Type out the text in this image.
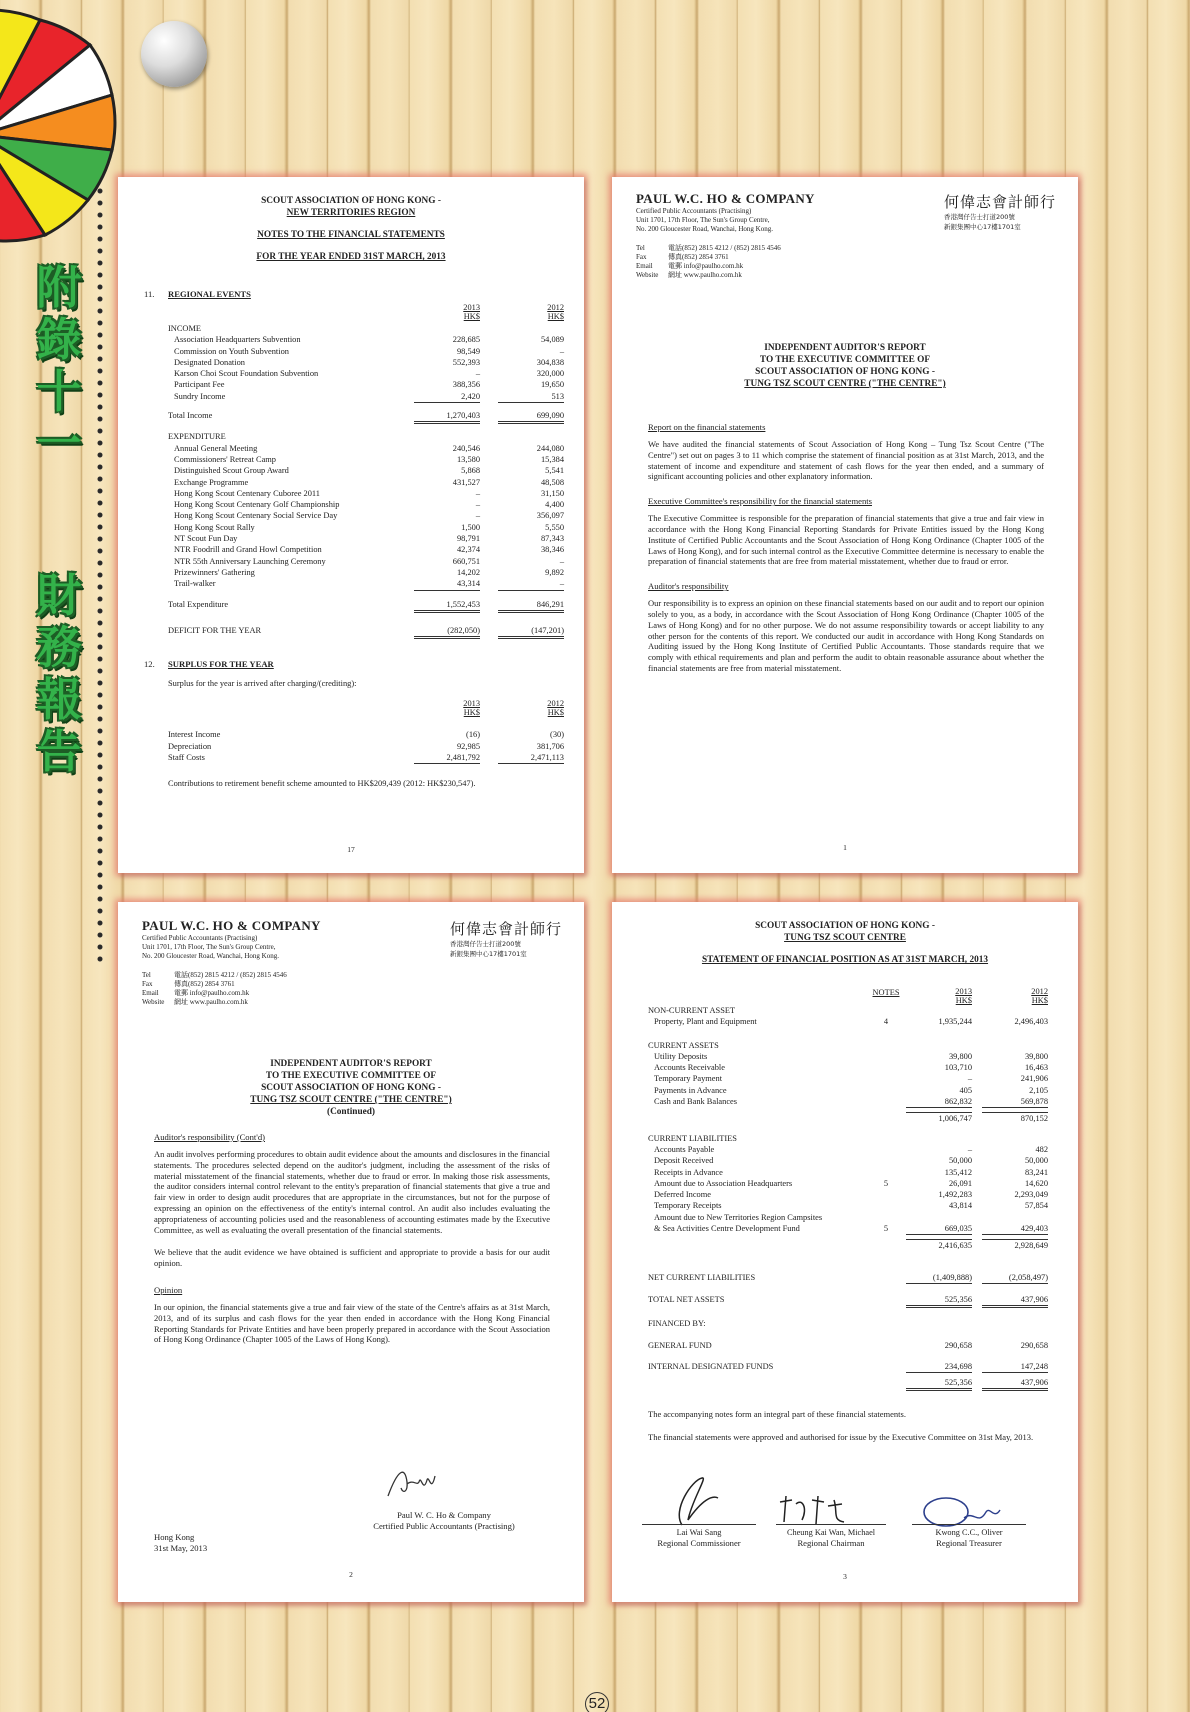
附
錄
十
一
財
務
報
告
SCOUT ASSOCIATION OF HONG KONG -
NEW TERRITORIES REGION
NOTES TO THE FINANCIAL STATEMENTS
FOR THE YEAR ENDED 31ST MARCH, 2013
11.	REGIONAL EVENTS
2013
HK$
2012
HK$
INCOME
Association Headquarters Subvention	228,685	54,089
Commission on Youth Subvention	98,549	–
Designated Donation	552,393	304,838
Karson Choi Scout Foundation Subvention	–	320,000
Participant Fee	388,356	19,650
Sundry Income	2,420	513
Total Income	1,270,403	699,090
EXPENDITURE
Annual General Meeting	240,546	244,080
Commissioners' Retreat Camp	13,580	15,384
Distinguished Scout Group Award	5,868	5,541
Exchange Programme	431,527	48,508
Hong Kong Scout Centenary Cuboree 2011	–	31,150
Hong Kong Scout Centenary Golf Championship	–	4,400
Hong Kong Scout Centenary Social Service Day	–	356,097
Hong Kong Scout Rally	1,500	5,550
NT Scout Fun Day	98,791	87,343
NTR Foodrill and Grand Howl Competition	42,374	38,346
NTR 55th Anniversary Launching Ceremony	660,751	–
Prizewinners' Gathering	14,202	9,892
Trail-walker	43,314	–
Total Expenditure	1,552,453	846,291
DEFICIT FOR THE YEAR	(282,050)	(147,201)
12.	SURPLUS FOR THE YEAR
Surplus for the year is arrived after charging/(crediting):
2013
HK$
2012
HK$
Interest Income	(16)	(30)
Depreciation	92,985	381,706
Staff Costs	2,481,792	2,471,113
Contributions to retirement benefit scheme amounted to HK$209,439 (2012: HK$230,547).
17
PAUL W.C. HO & COMPANY
Certified Public Accountants (Practising)
Unit 1701, 17th Floor, The Sun's Group Centre,
No. 200 Gloucester Road, Wanchai, Hong Kong.
何偉志會計師行
香港灣仔告士打道200號
新銀集團中心17樓1701室
Tel	電話(852) 2815 4212 / (852) 2815 4546
Fax	傳真(852) 2854 3761
Email 電郵 info@paulho.com.hk
Website 網址 www.paulho.com.hk
INDEPENDENT AUDITOR'S REPORT
TO THE EXECUTIVE COMMITTEE OF
SCOUT ASSOCIATION OF HONG KONG -
TUNG TSZ SCOUT CENTRE ("THE CENTRE")
Report on the financial statements
We have audited the financial statements of Scout Association of Hong Kong – Tung Tsz Scout Centre ("The Centre") set out on pages 3 to 11 which comprise the statement of financial position as at 31st March, 2013, and the statement of income and expenditure and statement of cash flows for the year then ended, and a summary of significant accounting policies and other explanatory information.
Executive Committee's responsibility for the financial statements
The Executive Committee is responsible for the preparation of financial statements that give a true and fair view in accordance with the Hong Kong Financial Reporting Standards for Private Entities issued by the Hong Kong Institute of Certified Public Accountants and the Scout Association of Hong Kong Ordinance (Chapter 1005 of the Laws of Hong Kong), and for such internal control as the Executive Committee determine is necessary to enable the preparation of financial statements that are free from material misstatement, whether due to fraud or error.
Auditor's responsibility
Our responsibility is to express an opinion on these financial statements based on our audit and to report our opinion solely to you, as a body, in accordance with the Scout Association of Hong Kong Ordinance (Chapter 1005 of the Laws of Hong Kong) and for no other purpose. We do not assume responsibility towards or accept liability to any other person for the contents of this report. We conducted our audit in accordance with Hong Kong Standards on Auditing issued by the Hong Kong Institute of Certified Public Accountants. Those standards require that we comply with ethical requirements and plan and perform the audit to obtain reasonable assurance about whether the financial statements are free from material misstatement.
1
PAUL W.C. HO & COMPANY
Certified Public Accountants (Practising)
Unit 1701, 17th Floor, The Sun's Group Centre,
No. 200 Gloucester Road, Wanchai, Hong Kong.
何偉志會計師行
香港灣仔告士打道200號
新銀集團中心17樓1701室
Tel	電話(852) 2815 4212 / (852) 2815 4546
Fax	傳真(852) 2854 3761
Email 電郵 info@paulho.com.hk
Website 網址 www.paulho.com.hk
INDEPENDENT AUDITOR'S REPORT
TO THE EXECUTIVE COMMITTEE OF
SCOUT ASSOCIATION OF HONG KONG -
TUNG TSZ SCOUT CENTRE ("THE CENTRE")
(Continued)
Auditor's responsibility (Cont'd)
An audit involves performing procedures to obtain audit evidence about the amounts and disclosures in the financial statements. The procedures selected depend on the auditor's judgment, including the assessment of the risks of material misstatement of the financial statements, whether due to fraud or error. In making those risk assessments, the auditor considers internal control relevant to the entity's preparation of financial statements that give a true and fair view in order to design audit procedures that are appropriate in the circumstances, but not for the purpose of expressing an opinion on the effectiveness of the entity's internal control. An audit also includes evaluating the appropriateness of accounting policies used and the reasonableness of accounting estimates made by the Executive Committee, as well as evaluating the overall presentation of the financial statements.
We believe that the audit evidence we have obtained is sufficient and appropriate to provide a basis for our audit opinion.
Opinion
In our opinion, the financial statements give a true and fair view of the state of the Centre's affairs as at 31st March, 2013, and of its surplus and cash flows for the year then ended in accordance with the Hong Kong Financial Reporting Standards for Private Entities and have been properly prepared in accordance with the Scout Association of Hong Kong Ordinance (Chapter 1005 of the Laws of Hong Kong).
Paul W. C. Ho & Company
Certified Public Accountants (Practising)
Hong Kong
31st May, 2013
2
SCOUT ASSOCIATION OF HONG KONG -
TUNG TSZ SCOUT CENTRE
STATEMENT OF FINANCIAL POSITION AS AT 31ST MARCH, 2013
NOTES	2013
HK$
2012
HK$
NON-CURRENT ASSET
Property, Plant and Equipment	4	1,935,244	2,496,403
CURRENT ASSETS
Utility Deposits	39,800	39,800
Accounts Receivable	103,710	16,463
Temporary Payment	–	241,906
Payments in Advance	405	2,105
Cash and Bank Balances	862,832	569,878
1,006,747	870,152
CURRENT LIABILITIES
Accounts Payable	–	482
Deposit Received	50,000	50,000
Receipts in Advance	135,412	83,241
Amount due to Association Headquarters	5	26,091	14,620
Deferred Income	1,492,283	2,293,049
Temporary Receipts	43,814	57,854
Amount due to New Territories Region Campsites
& Sea Activities Centre Development Fund	5	669,035	429,403
2,416,635	2,928,649
NET CURRENT LIABILITIES	(1,409,888)	(2,058,497)
TOTAL NET ASSETS	525,356	437,906
FINANCED BY:
GENERAL FUND	290,658	290,658
INTERNAL DESIGNATED FUNDS	234,698	147,248
525,356	437,906
The accompanying notes form an integral part of these financial statements.
The financial statements were approved and authorised for issue by the Executive Committee on 31st May, 2013.
Lai Wai Sang
Regional Commissioner
Cheung Kai Wan, Michael
Regional Chairman
Kwong C.C., Oliver
Regional Treasurer
3
52
